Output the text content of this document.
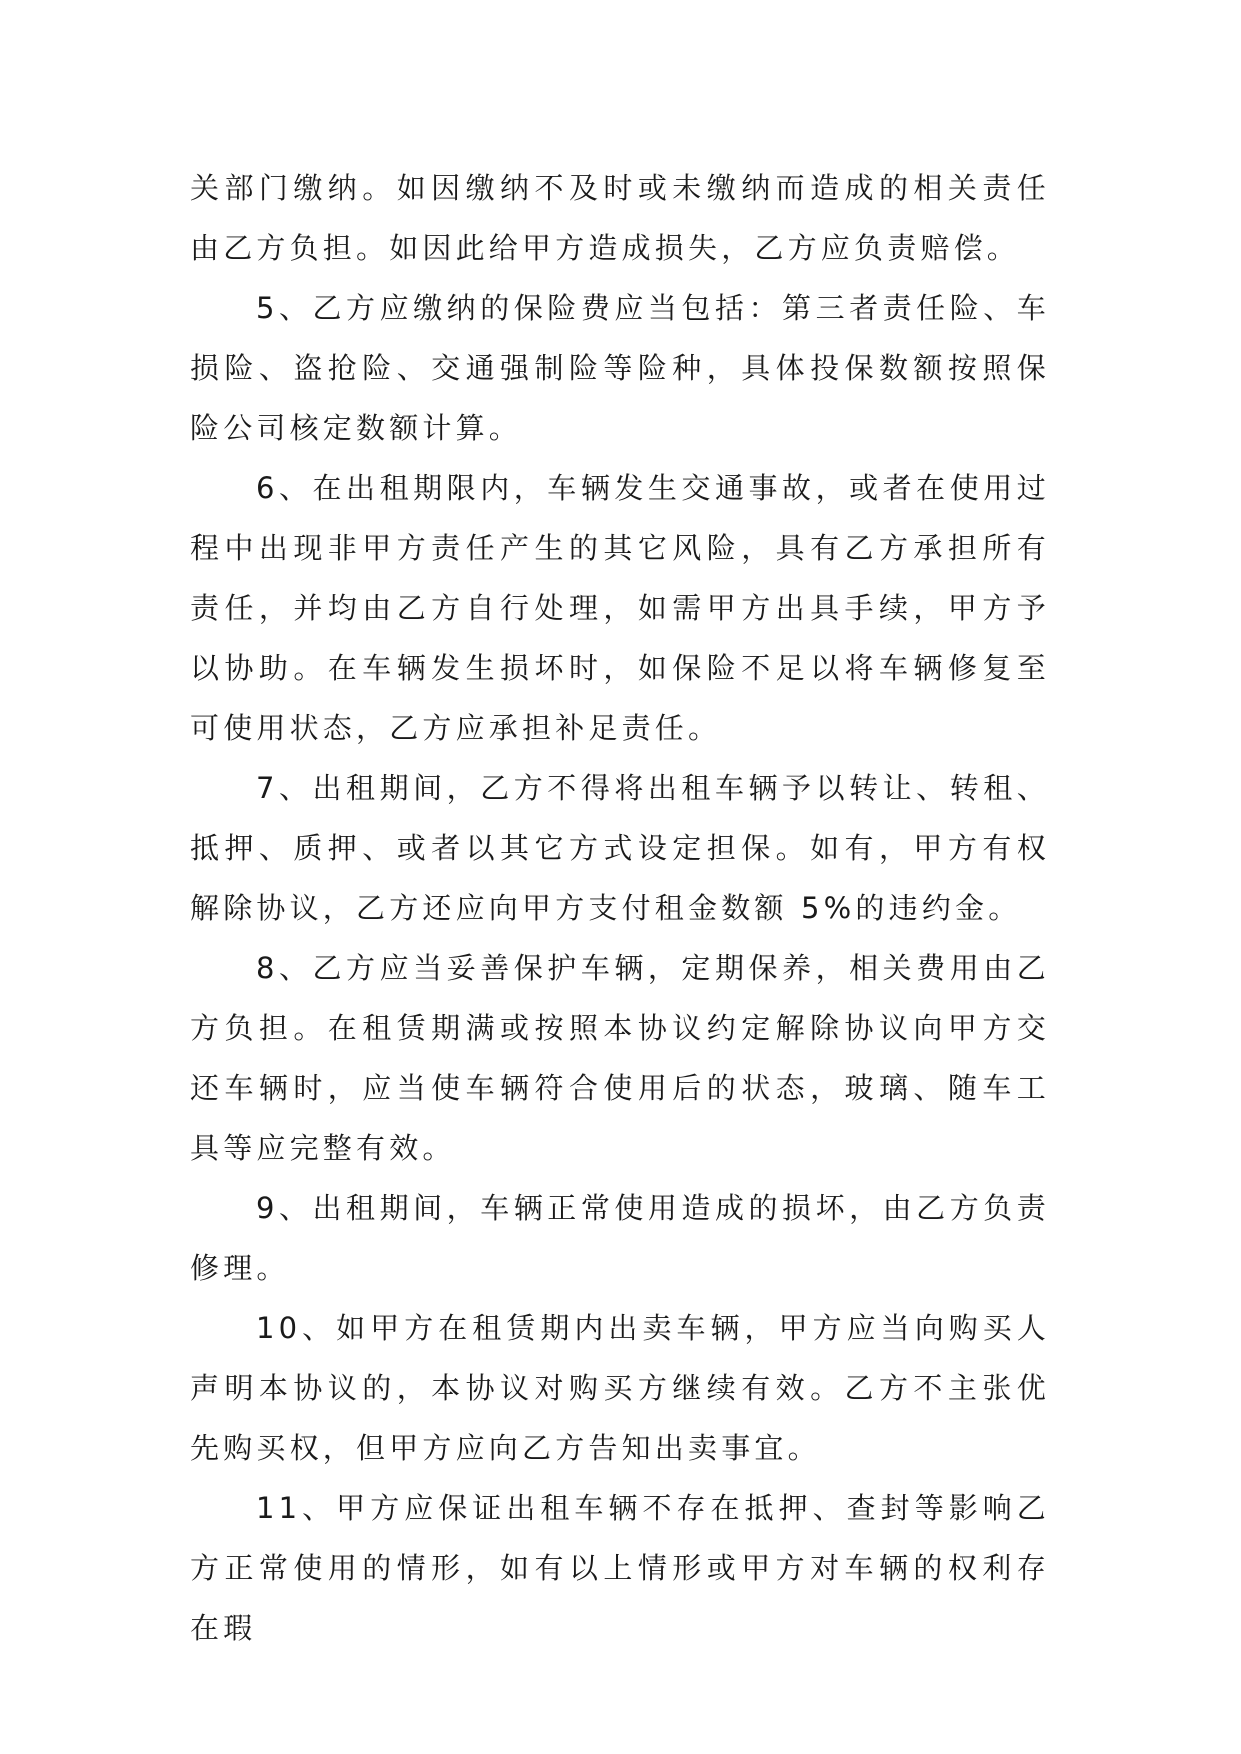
关部门缴纳。如因缴纳不及时或未缴纳而造成的相关责任由乙方负担。如因此给甲方造成损失，乙方应负责赔偿。

5、乙方应缴纳的保险费应当包括：第三者责任险、车损险、盗抢险、交通强制险等险种，具体投保数额按照保险公司核定数额计算。

6、在出租期限内，车辆发生交通事故，或者在使用过程中出现非甲方责任产生的其它风险，具有乙方承担所有责任，并均由乙方自行处理，如需甲方出具手续，甲方予以协助。在车辆发生损坏时，如保险不足以将车辆修复至可使用状态，乙方应承担补足责任。

7、出租期间，乙方不得将出租车辆予以转让、转租、抵押、质押、或者以其它方式设定担保。如有，甲方有权解除协议，乙方还应向甲方支付租金数额 5%的违约金。

8、乙方应当妥善保护车辆，定期保养，相关费用由乙方负担。在租赁期满或按照本协议约定解除协议向甲方交还车辆时，应当使车辆符合使用后的状态，玻璃、随车工具等应完整有效。

9、出租期间，车辆正常使用造成的损坏，由乙方负责修理。

10、如甲方在租赁期内出卖车辆，甲方应当向购买人声明本协议的，本协议对购买方继续有效。乙方不主张优先购买权，但甲方应向乙方告知出卖事宜。

11、甲方应保证出租车辆不存在抵押、查封等影响乙方正常使用的情形，如有以上情形或甲方对车辆的权利存在瑕
